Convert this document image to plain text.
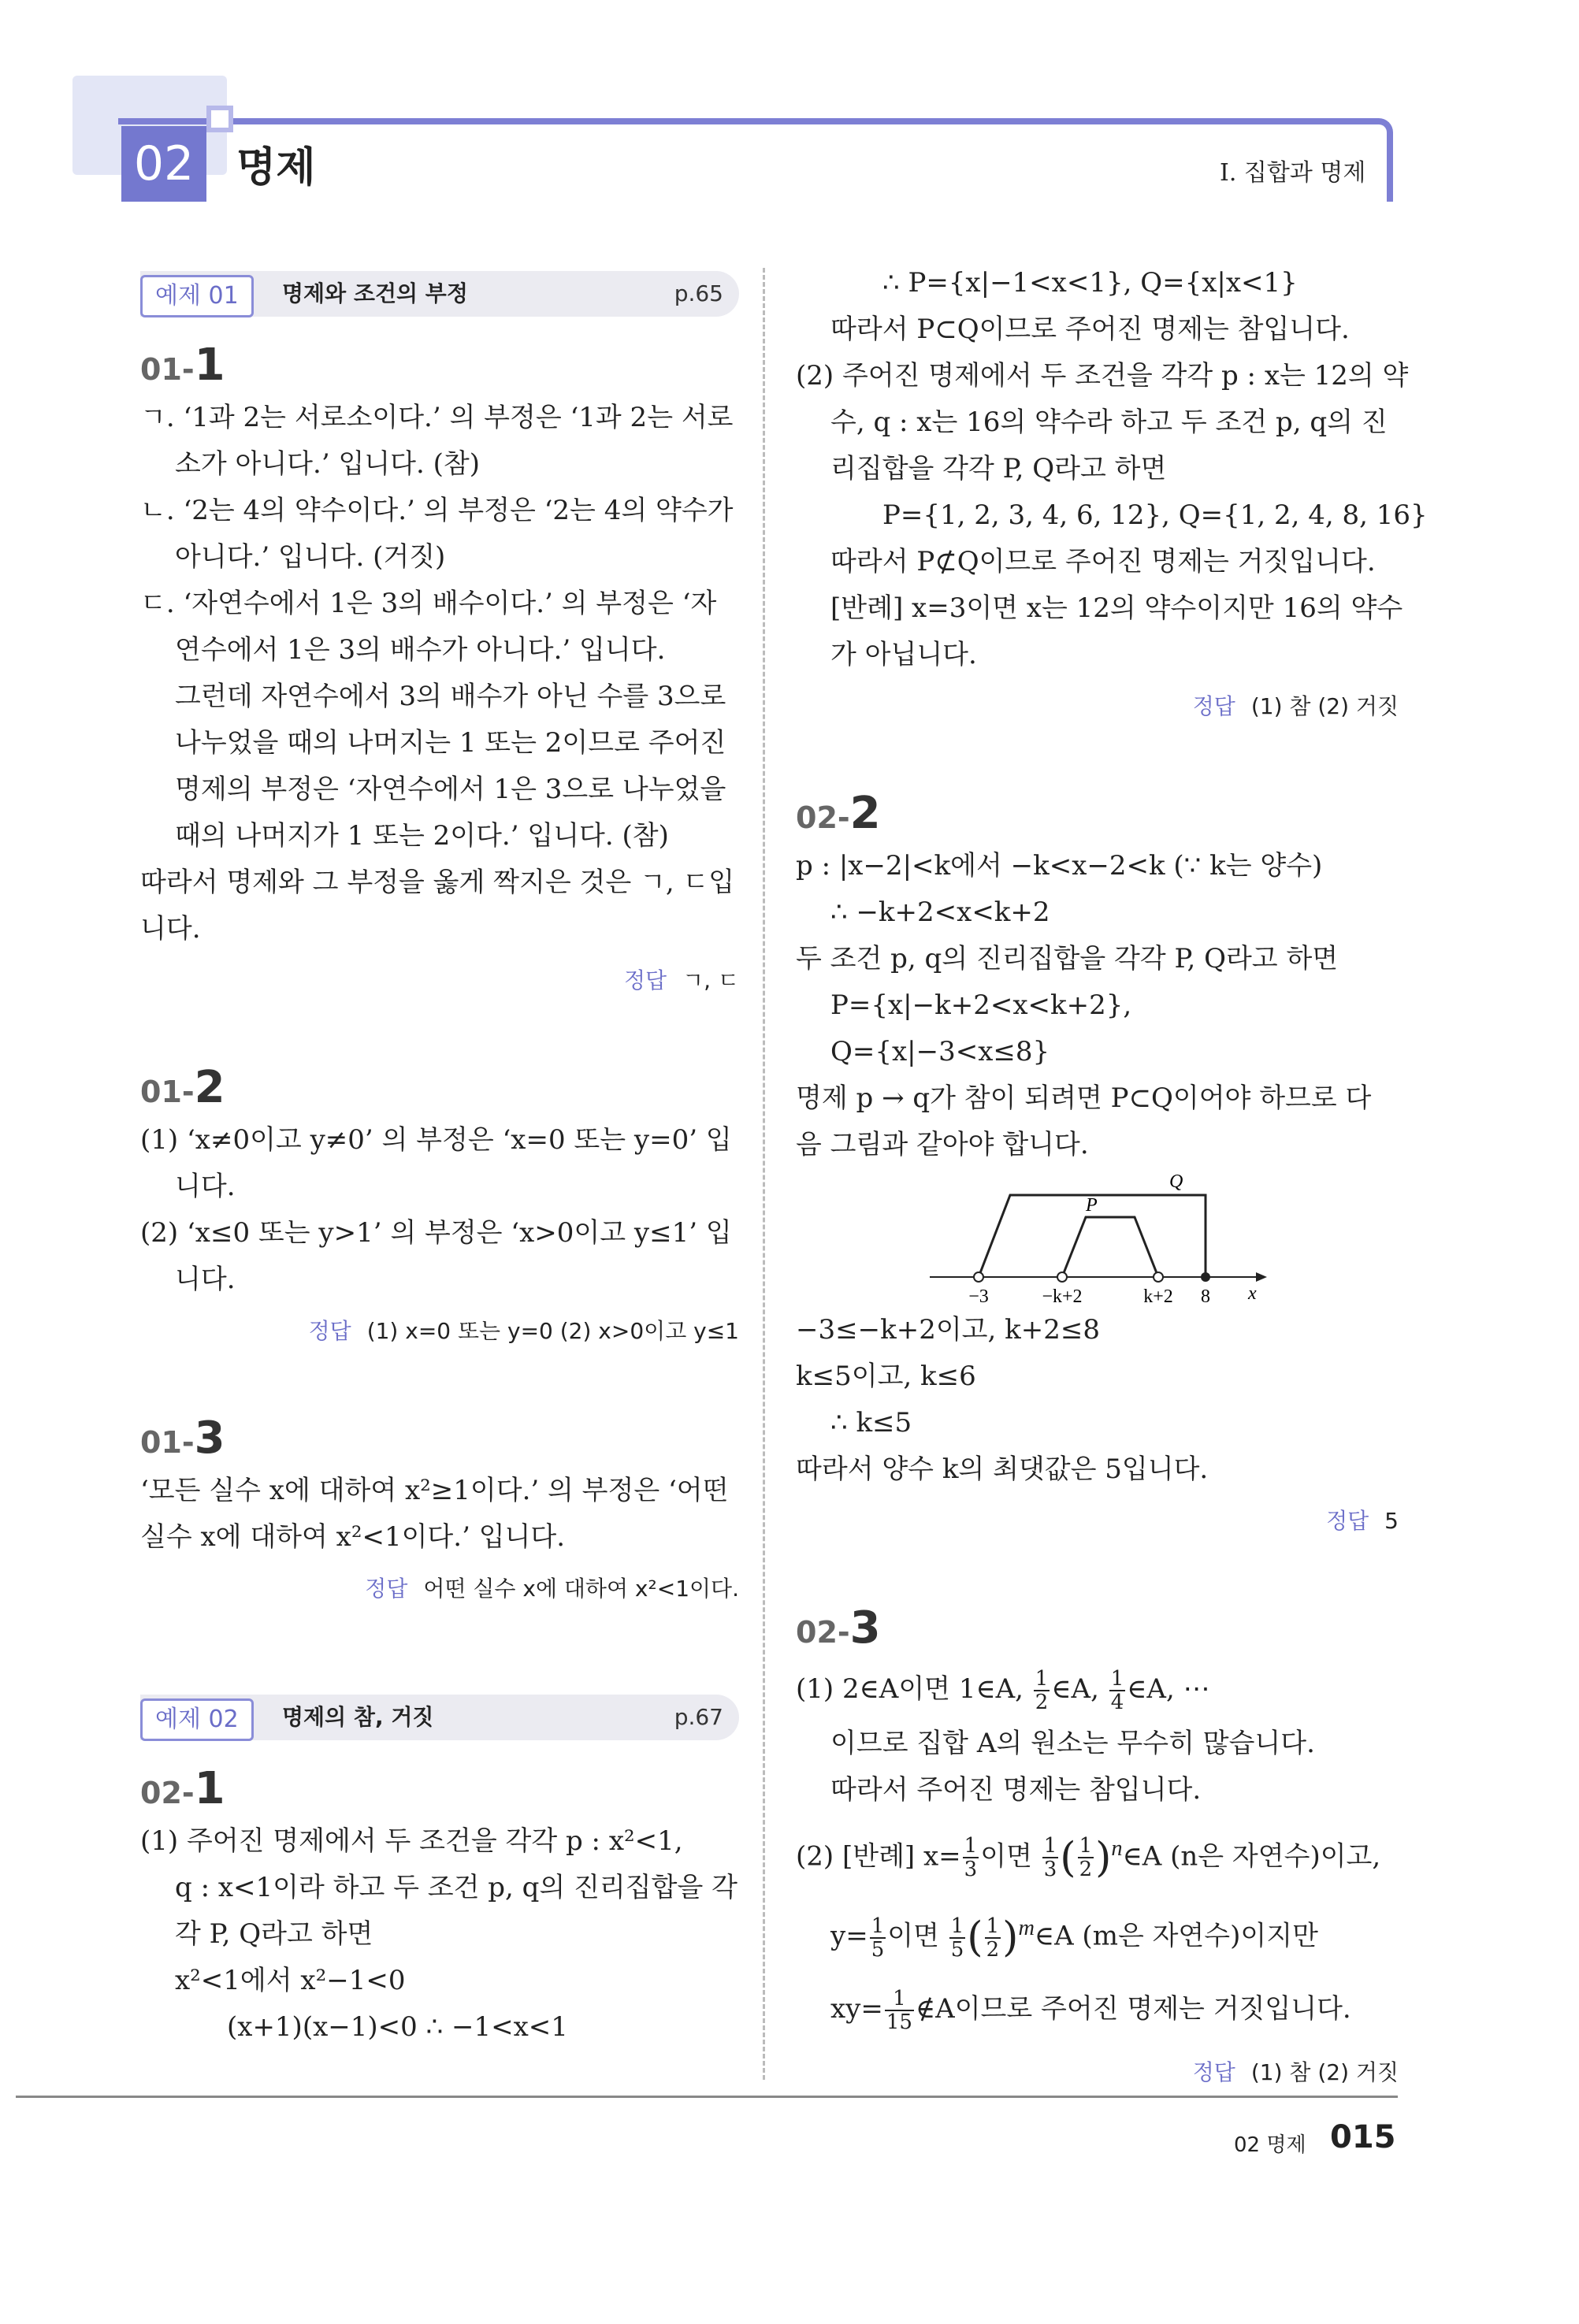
02	명제	I. 집합과 명제
예제 01	명제와 조건의 부정	p.65
01-1

ㄱ. ‘1과 2는 서로소이다.’ 의 부정은 ‘1과 2는 서로

소가 아니다.’ 입니다. (참)

ㄴ. ‘2는 4의 약수이다.’ 의 부정은 ‘2는 4의 약수가

아니다.’ 입니다. (거짓)

ㄷ. ‘자연수에서 1은 3의 배수이다.’ 의 부정은 ‘자

연수에서 1은 3의 배수가 아니다.’ 입니다.

그런데 자연수에서 3의 배수가 아닌 수를 3으로

나누었을 때의 나머지는 1 또는 2이므로 주어진

명제의 부정은 ‘자연수에서 1은 3으로 나누었을

때의 나머지가 1 또는 2이다.’ 입니다. (참)

따라서 명제와 그 부정을 옳게 짝지은 것은 ㄱ, ㄷ입

니다.

정답 ㄱ, ㄷ
01-2

(1) ‘x≠0이고 y≠0’ 의 부정은 ‘x=0 또는 y=0’ 입

니다.

(2) ‘x≤0 또는 y>1’ 의 부정은 ‘x>0이고 y≤1’ 입

니다.

정답 (1) x=0 또는 y=0 (2) x>0이고 y≤1
01-3

‘모든 실수 x에 대하여 x²≥1이다.’ 의 부정은 ‘어떤

실수 x에 대하여 x²<1이다.’ 입니다.

정답 어떤 실수 x에 대하여 x²<1이다.
예제 02	명제의 참, 거짓	p.67
02-1

(1) 주어진 명제에서 두 조건을 각각 p : x²<1,

q : x<1이라 하고 두 조건 p, q의 진리집합을 각

각 P, Q라고 하면

x²<1에서 x²−1<0

(x+1)(x−1)<0 ∴ −1<x<1

∴ P={x|−1<x<1}, Q={x|x<1}

따라서 P⊂Q이므로 주어진 명제는 참입니다.

(2) 주어진 명제에서 두 조건을 각각 p : x는 12의 약

수, q : x는 16의 약수라 하고 두 조건 p, q의 진

리집합을 각각 P, Q라고 하면

P={1, 2, 3, 4, 6, 12}, Q={1, 2, 4, 8, 16}

따라서 P⊄Q이므로 주어진 명제는 거짓입니다.

[반례] x=3이면 x는 12의 약수이지만 16의 약수

가 아닙니다.

정답 (1) 참 (2) 거짓
02-2

p : |x−2|<k에서 −k<x−2<k (∵ k는 양수)

∴ −k+2<x<k+2

두 조건 p, q의 진리집합을 각각 P, Q라고 하면

P={x|−k+2<x<k+2},

Q={x|−3<x≤8}

명제 p → q가 참이 되려면 P⊂Q이어야 하므로 다

음 그림과 같아야 합니다.

Q
P
−3	−k+2	k+2 8 x

−3≤−k+2이고, k+2≤8

k≤5이고, k≤6

∴ k≤5

따라서 양수 k의 최댓값은 5입니다.

정답 5
02-3

(1) 2∈A이면 1∈A, $\frac{1}{2}$ ∈A, $\frac{1}{4}$ ∈A, ⋯

이므로 집합 A의 원소는 무수히 많습니다.

따라서 주어진 명제는 참입니다.

(2) [반례] $x= \frac{1}{3}$ 이면 $\frac{1}{3}$ ( $\frac{1}{2}$ )$^n$∈A (n은 자연수)이고,

$y= \frac{1}{5}$ 이면 $\frac{1}{5}$ ( $\frac{1}{2}$ )$^m$∈A (m은 자연수)이지만

$xy= \frac{1}{15}$ ∉A이므로 주어진 명제는 거짓입니다.

정답 (1) 참 (2) 거짓
02 명제 015
